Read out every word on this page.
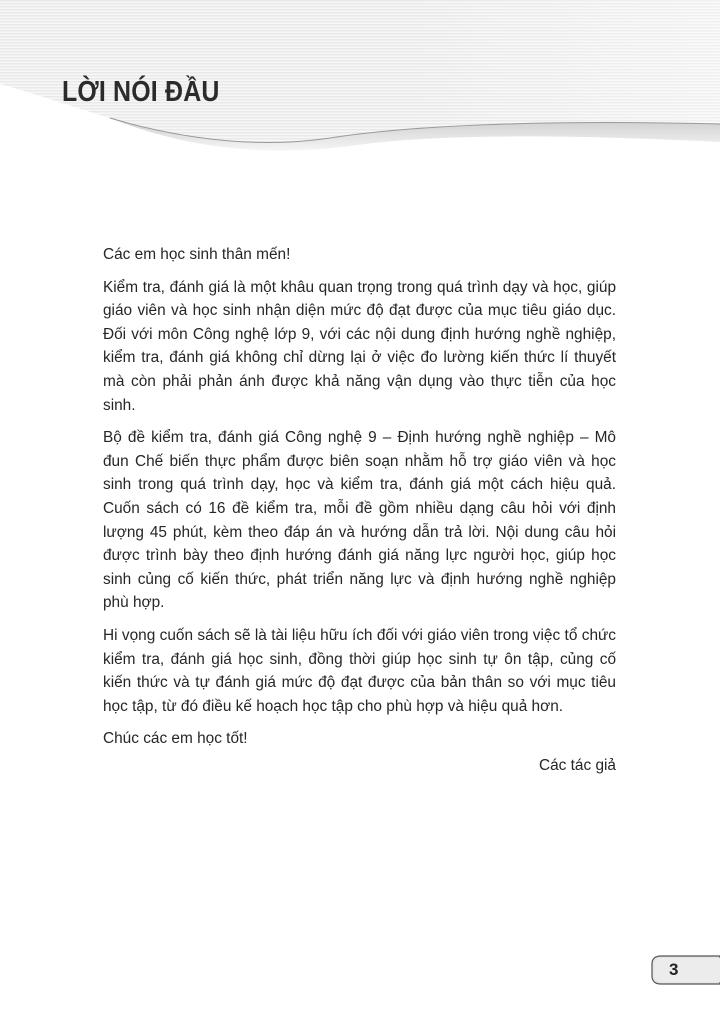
LỜI NÓI ĐẦU

Các em học sinh thân mến!

Kiểm tra, đánh giá là một khâu quan trọng trong quá trình dạy và học, giúp giáo viên và học sinh nhận diện mức độ đạt được của mục tiêu giáo dục. Đối với môn Công nghệ lớp 9, với các nội dung định hướng nghề nghiệp, kiểm tra, đánh giá không chỉ dừng lại ở việc đo lường kiến thức lí thuyết mà còn phải phản ánh được khả năng vận dụng vào thực tiễn của học sinh.

Bộ đề kiểm tra, đánh giá Công nghệ 9 – Định hướng nghề nghiệp – Mô đun Chế biến thực phẩm được biên soạn nhằm hỗ trợ giáo viên và học sinh trong quá trình dạy, học và kiểm tra, đánh giá một cách hiệu quả. Cuốn sách có 16 đề kiểm tra, mỗi đề gồm nhiều dạng câu hỏi với định lượng 45 phút, kèm theo đáp án và hướng dẫn trả lời. Nội dung câu hỏi được trình bày theo định hướng đánh giá năng lực người học, giúp học sinh củng cố kiến thức, phát triển năng lực và định hướng nghề nghiệp phù hợp.

Hi vọng cuốn sách sẽ là tài liệu hữu ích đối với giáo viên trong việc tổ chức kiểm tra, đánh giá học sinh, đồng thời giúp học sinh tự ôn tập, củng cố kiến thức và tự đánh giá mức độ đạt được của bản thân so với mục tiêu học tập, từ đó điều kế hoạch học tập cho phù hợp và hiệu quả hơn.

Chúc các em học tốt!

Các tác giả

3
